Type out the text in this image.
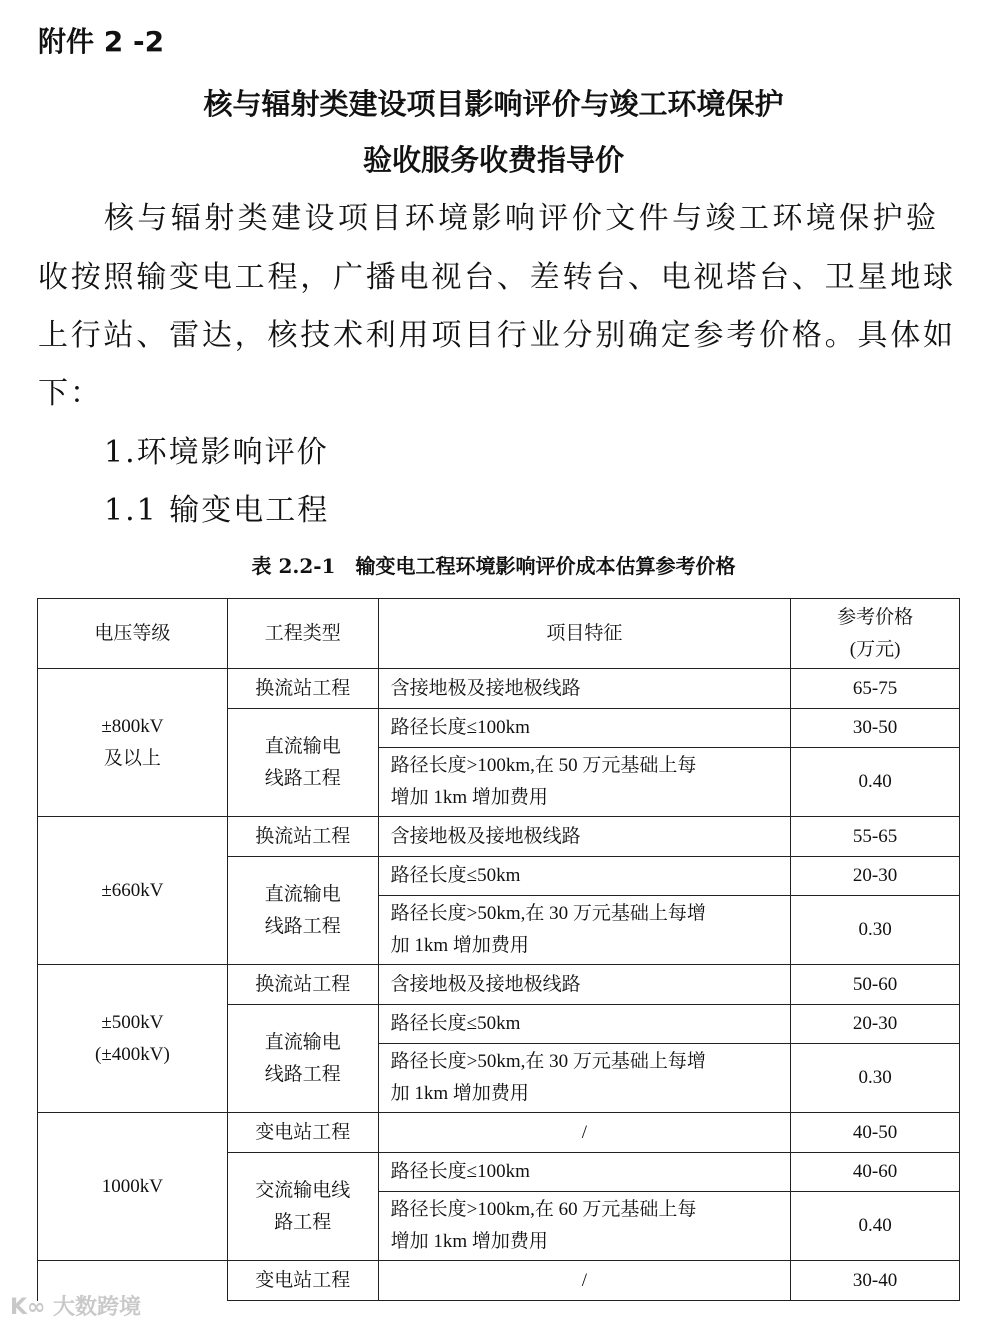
附件 2 -2
核与辐射类建设项目影响评价与竣工环境保护
验收服务收费指导价
核与辐射类建设项目环境影响评价文件与竣工环境保护验
收按照输变电工程，广播电视台、差转台、电视塔台、卫星地球
上行站、雷达，核技术利用项目行业分别确定参考价格。具体如
下：
1.环境影响评价
1.1 输变电工程
表 2.2-1　输变电工程环境影响评价成本估算参考价格
电压等级	工程类型	项目特征	参考价格
(万元)

±800kV
及以上	换流站工程	含接地极及接地极线路	65-75

	直流输电
线路工程	路径长度≤100km	30-50

		路径长度>100km,在 50 万元基础上每
增加 1km 增加费用	0.40

±660kV	换流站工程	含接地极及接地极线路	55-65

	直流输电
线路工程	路径长度≤50km	20-30

		路径长度>50km,在 30 万元基础上每增
加 1km 增加费用	0.30

±500kV
(±400kV)	换流站工程	含接地极及接地极线路	50-60

	直流输电
线路工程	路径长度≤50km	20-30

		路径长度>50km,在 30 万元基础上每增
加 1km 增加费用	0.30

1000kV	变电站工程	/	40-50

	交流输电线
路工程	路径长度≤100km	40-60

		路径长度>100km,在 60 万元基础上每
增加 1km 增加费用	0.40
	变电站工程	/	30-40
K∞ 大数跨境
